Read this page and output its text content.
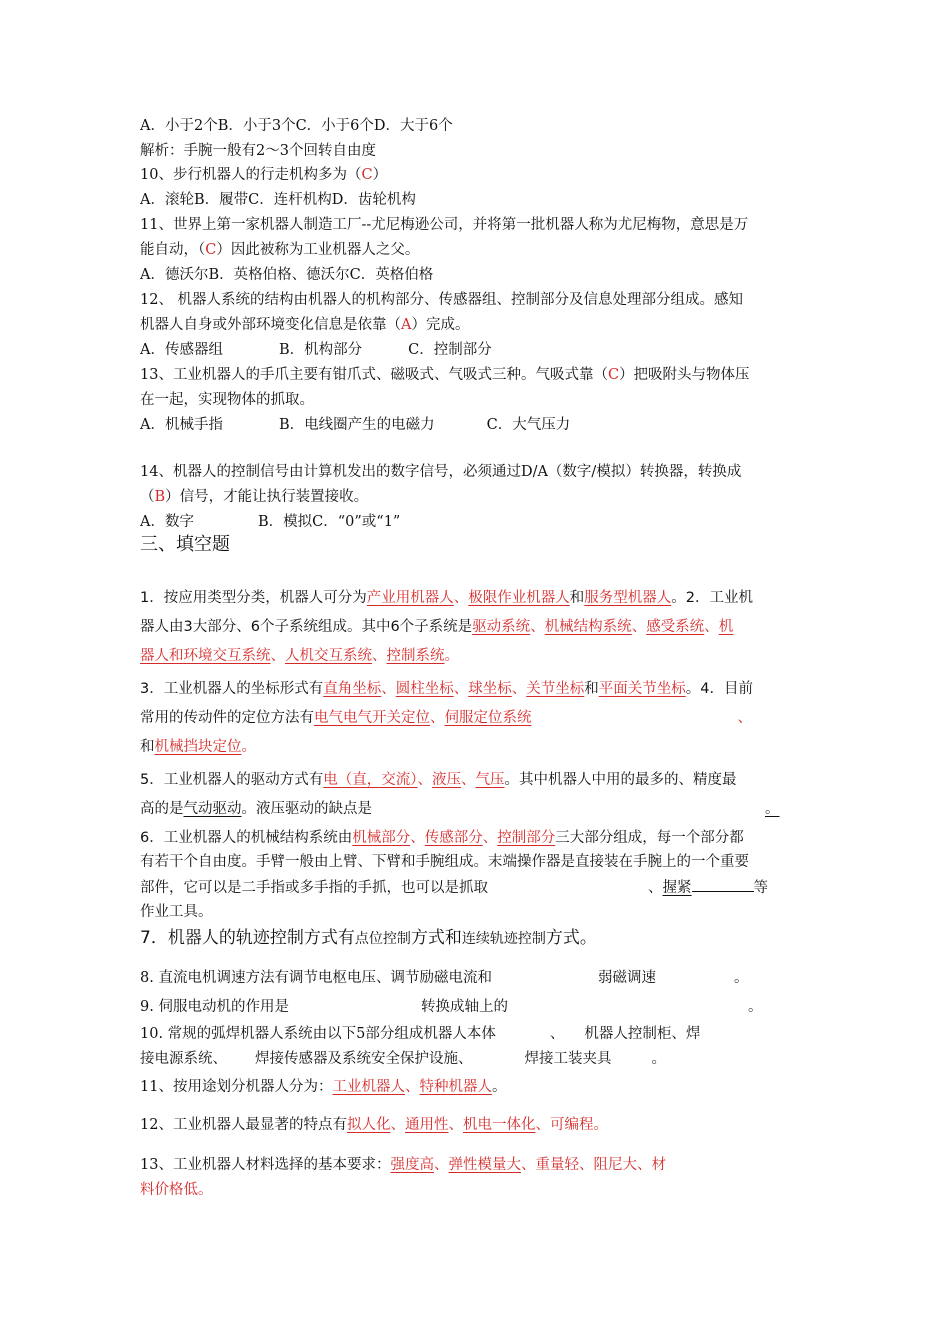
A．小于2个B．小于3个C．小于6个D．大于6个
解析：手腕一般有2～3个回转自由度
10、步行机器人的行走机构多为（C）
A．滚轮B．履带C．连杆机构D．齿轮机构
11、世界上第一家机器人制造工厂--尤尼梅逊公司，并将第一批机器人称为尤尼梅物，意思是万
能自动，（C）因此被称为工业机器人之父。
A．德沃尔B．英格伯格、德沃尔C．英格伯格
12、 机器人系统的结构由机器人的机构部分、传感器组、控制部分及信息处理部分组成。感知
机器人自身或外部环境变化信息是依靠（A）完成。
A．传感器组	B．机构部分	C．控制部分
13、工业机器人的手爪主要有钳爪式、磁吸式、气吸式三种。气吸式靠（C）把吸附头与物体压
在一起，实现物体的抓取。
A．机械手指	B．电线圈产生的电磁力	C．大气压力
14、机器人的控制信号由计算机发出的数字信号，必须通过D/A（数字/模拟）转换器，转换成
（B）信号，才能让执行装置接收。
A．数字	B．模拟C．“0”或“1”
三、填空题
1．按应用类型分类，机器人可分为产业用机器人、极限作业机器人和服务型机器人。2．工业机
器人由3大部分、6个子系统组成。其中6个子系统是驱动系统、机械结构系统、感受系统、机
器人和环境交互系统、人机交互系统、控制系统。
3．工业机器人的坐标形式有直角坐标、圆柱坐标、球坐标、关节坐标和平面关节坐标。4．目前
常用的传动件的定位方法有电气电气开关定位、伺服定位系统	、
和机械挡块定位。
5．工业机器人的驱动方式有电（直，交流）、液压、气压。其中机器人中用的最多的、精度最
高的是气动驱动。液压驱动的缺点是	。
6．工业机器人的机械结构系统由机械部分、传感部分、控制部分三大部分组成，每一个部分都
有若干个自由度。手臂一般由上臂、下臂和手腕组成。末端操作器是直接装在手腕上的一个重要
部件，它可以是二手指或多手指的手抓，也可以是抓取	、握紧	等
作业工具。
7．机器人的轨迹控制方式有点位控制方式和连续轨迹控制方式。
8. 直流电机调速方法有调节电枢电压、调节励磁电流和	弱磁调速	。
9. 伺服电动机的作用是	转换成轴上的	。
10. 常规的弧焊机器人系统由以下5部分组成机器人本体	、 机器人控制柜、焊
接电源系统、 焊接传感器及系统安全保护设施、	焊接工装夹具	。
11、按用途划分机器人分为：工业机器人、特种机器人。
12、工业机器人最显著的特点有拟人化、通用性、机电一体化、可编程。
13、工业机器人材料选择的基本要求：强度高、弹性模量大、重量轻、阻尼大、材
料价格低。
